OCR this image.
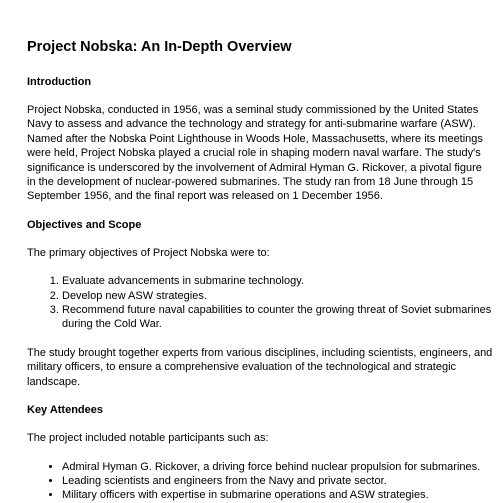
Project Nobska: An In-Depth Overview
Introduction

Project Nobska, conducted in 1956, was a seminal study commissioned by the United States Navy to assess and advance the technology and strategy for anti-submarine warfare (ASW). Named after the Nobska Point Lighthouse in Woods Hole, Massachusetts, where its meetings were held, Project Nobska played a crucial role in shaping modern naval warfare. The study's significance is underscored by the involvement of Admiral Hyman G. Rickover, a pivotal figure in the development of nuclear-powered submarines. The study ran from 18 June through 15 September 1956, and the final report was released on 1 December 1956.

Objectives and Scope

The primary objectives of Project Nobska were to:

1. Evaluate advancements in submarine technology.
2. Develop new ASW strategies.
3. Recommend future naval capabilities to counter the growing threat of Soviet submarines during the Cold War.

The study brought together experts from various disciplines, including scientists, engineers, and military officers, to ensure a comprehensive evaluation of the technological and strategic landscape.

Key Attendees

The project included notable participants such as:

• Admiral Hyman G. Rickover, a driving force behind nuclear propulsion for submarines.
• Leading scientists and engineers from the Navy and private sector.
• Military officers with expertise in submarine operations and ASW strategies.
